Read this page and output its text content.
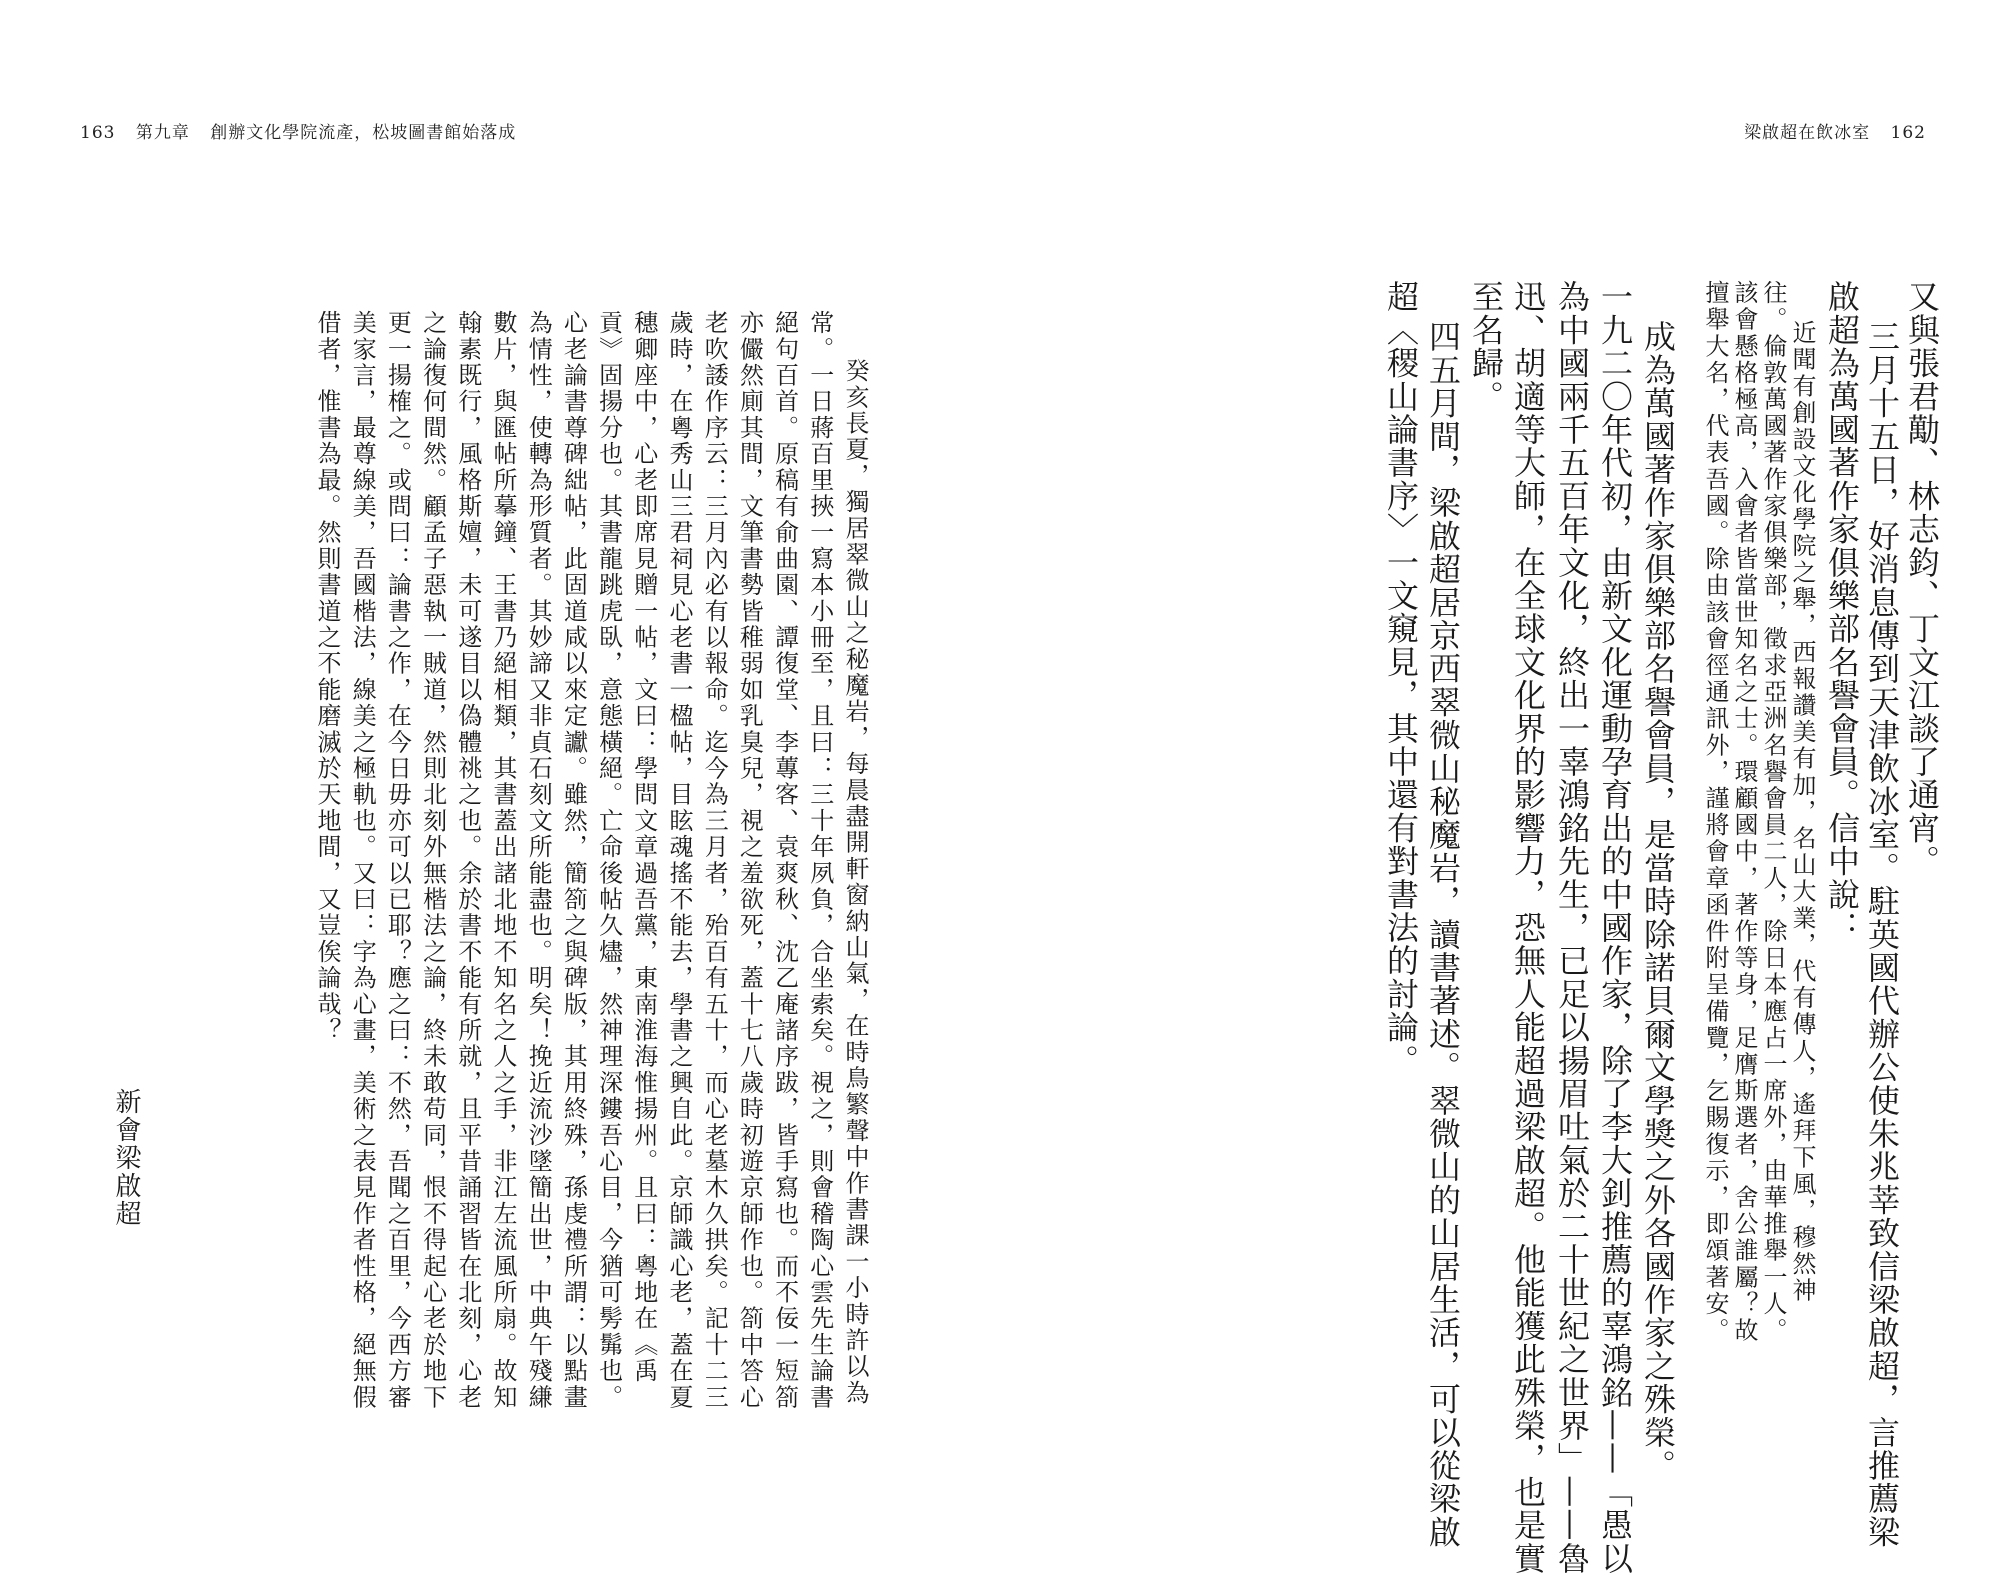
163 第九章 創辦文化學院流產，松坡圖書館始落成	梁啟超在飲冰室 162
又與張君勱、林志鈞、丁文江談了通宵。
三月十五日，好消息傳到天津飲冰室。駐英國代辦公使朱兆莘致信梁啟超，言推薦梁
啟超為萬國著作家俱樂部名譽會員。信中說：
近聞有創設文化學院之舉，西報讚美有加，名山大業，代有傳人，遙拜下風，穆然神
往。倫敦萬國著作家俱樂部，徵求亞洲名譽會員二人，除日本應占一席外，由華推舉一人。
該會懸格極高，入會者皆當世知名之士。環顧國中，著作等身，足膺斯選者，舍公誰屬？故
擅舉大名，代表吾國。除由該會徑通訊外，謹將會章函件附呈備覽，乞賜復示，即頌著安。
成為萬國著作家俱樂部名譽會員，是當時除諾貝爾文學獎之外各國作家之殊榮。
一九二〇年代初，由新文化運動孕育出的中國作家，除了李大釗推薦的辜鴻銘——「愚以
為中國兩千五百年文化，終出一辜鴻銘先生，已足以揚眉吐氣於二十世紀之世界」——魯
迅、胡適等大師，在全球文化界的影響力，恐無人能超過梁啟超。他能獲此殊榮，也是實
至名歸。
四五月間，梁啟超居京西翠微山秘魔岩，讀書著述。翠微山的山居生活，可以從梁啟
超〈稷山論書序〉一文窺見，其中還有對書法的討論。
癸亥長夏，獨居翠微山之秘魔岩，每晨盡開軒窗納山氣，在時鳥繁聲中作書課一小時許以為
常。一日蔣百里挾一寫本小冊至，且曰：三十年夙負，合坐索矣。視之，則會稽陶心雲先生論書
絕句百首。原稿有俞曲園、譚復堂、李蓴客、袁爽秋、沈乙庵諸序跋，皆手寫也。而不佞一短箚
亦儼然廁其間，文筆書勢皆稚弱如乳臭兒，視之羞欲死，蓋十七八歲時初遊京師作也。箚中答心
老吹諉作序云：三月內必有以報命。迄今為三月者，殆百有五十，而心老墓木久拱矣。記十二三
歲時，在粵秀山三君祠見心老書一楹帖，目眩魂搖不能去，學書之興自此。京師識心老，蓋在夏
穗卿座中，心老即席見贈一帖，文曰：學問文章過吾黨，東南淮海惟揚州。且曰：粵地在《禹
貢》固揚分也。其書龍跳虎臥，意態橫絕。亡命後帖久燼，然神理深鏤吾心目，今猶可髣髴也。
心老論書尊碑絀帖，此固道咸以來定讞。雖然，簡箚之與碑版，其用終殊，孫虔禮所謂：以點畫
為情性，使轉為形質者。其妙諦又非貞石刻文所能盡也。明矣！挽近流沙墜簡出世，中典午殘縑
數片，與匯帖所摹鐘、王書乃絕相類，其書蓋出諸北地不知名之人之手，非江左流風所扇。故知
翰素既行，風格斯嬗，未可遂目以偽體祧之也。余於書不能有所就，且平昔誦習皆在北刻，心老
之論復何間然。顧孟子惡執一賊道，然則北刻外無楷法之論，終未敢苟同，恨不得起心老於地下
更一揚榷之。或問曰：論書之作，在今日毋亦可以已耶？應之曰：不然，吾聞之百里，今西方審
美家言，最尊線美，吾國楷法，線美之極軌也。又曰：字為心畫，美術之表見作者性格，絕無假
借者，惟書為最。然則書道之不能磨滅於天地間，又豈俟論哉？
新會梁啟超
